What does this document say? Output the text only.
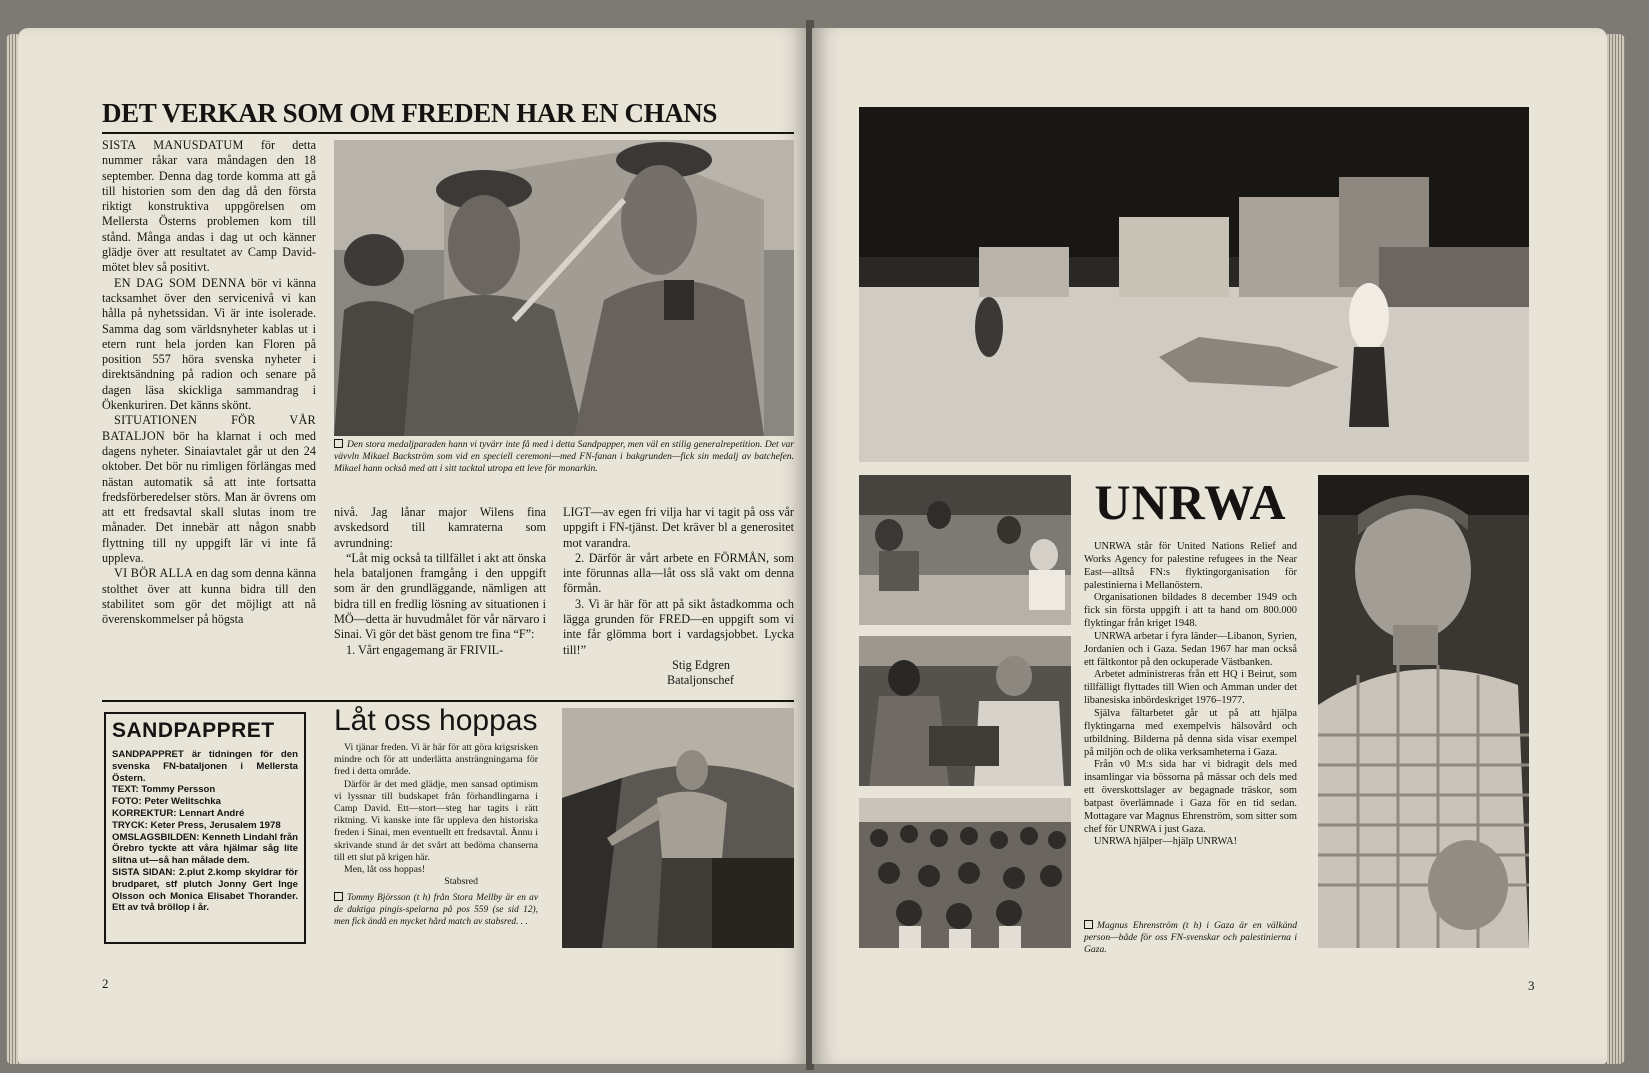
DET VERKAR SOM OM FREDEN HAR EN CHANS

SISTA MANUSDATUM för detta nummer råkar vara måndagen den 18 september. Denna dag torde komma att gå till historien som den dag då den första riktigt konstruktiva uppgörelsen om Mellersta Österns problemen kom till stånd. Många andas i dag ut och känner glädje över att resultatet av Camp David-mötet blev så positivt.

EN DAG SOM DENNA bör vi känna tacksamhet över den servicenivå vi kan hålla på nyhetssidan. Vi är inte isolerade. Samma dag som världsnyheter kablas ut i etern runt hela jorden kan Floren på position 557 höra svenska nyheter i direktsändning på radion och senare på dagen läsa skickliga sammandrag i Ökenkuriren. Det känns skönt.

SITUATIONEN FÖR VÅR BATALJON bör ha klarnat i och med dagens nyheter. Sinaiavtalet går ut den 24 oktober. Det bör nu rimligen förlängas med nästan automatik så att inte fortsatta fredsförberedelser störs. Man är övrens om att ett fredsavtal skall slutas inom tre månader. Det innebär att någon snabb flyttning till ny uppgift lär vi inte få uppleva.

VI BÖR ALLA en dag som denna känna stolthet över att kunna bidra till den stabilitet som gör det möjligt att nå överenskommelser på högsta

Den stora medaljparaden hann vi tyvärr inte få med i detta Sandpapper, men väl en stilig generalrepetition. Det var vävvln Mikael Backström som vid en speciell ceremoni—med FN-fanan i bakgrunden—fick sin medalj av batchefen. Mikael hann också med att i sitt tacktal utropa ett leve för monarkin.

nivå. Jag lånar major Wilens fina avskedsord till kamraterna som avrundning:

“Låt mig också ta tillfället i akt att önska hela bataljonen framgång i den uppgift som är den grundläggande, nämligen att bidra till en fredlig lösning av situationen i MÖ—detta är huvudmålet för vår närvaro i Sinai. Vi gör det bäst genom tre fina “F”:

1. Vårt engagemang är FRIVIL-

LIGT—av egen fri vilja har vi tagit på oss vår uppgift i FN-tjänst. Det kräver bl a generositet mot varandra.

2. Därför är vårt arbete en FÖRMÅN, som inte förunnas alla—låt oss slå vakt om denna förmån.

3. Vi är här för att på sikt åstadkomma och lägga grunden för FRED—en uppgift som vi inte får glömma bort i vardagsjobbet. Lycka till!”

Stig Edgren
Bataljonschef
SANDPAPPRET
SANDPAPPRET är tidningen för den svenska FN-bataljonen i Mellersta Östern.
TEXT: Tommy Persson
FOTO: Peter Welitschka
KORREKTUR: Lennart André
TRYCK: Keter Press, Jerusalem 1978
OMSLAGSBILDEN: Kenneth Lindahl från Örebro tyckte att våra hjälmar såg lite slitna ut—så han målade dem.
SISTA SIDAN: 2.plut 2.komp skyldrar för brudparet, stf plutch Jonny Gert Inge Olsson och Monica Elisabet Thorander. Ett av två bröllop i år.
Låt oss hoppas

Vi tjänar freden. Vi är här för att göra krigsrisken mindre och för att underlätta ansträngningarna för fred i detta område.

Därför är det med glädje, men sansad optimism vi lyssnar till budskapet från förhandlingarna i Camp David. Ett—stort—steg har tagits i rätt riktning. Vi kanske inte får uppleva den historiska freden i Sinai, men eventuellt ett fredsavtal. Ännu i skrivande stund är det svårt att bedöma chanserna till ett slut på krigen här.

Men, låt oss hoppas!

Stabsred
Tommy Björsson (t h) från Stora Mellby är en av de duktiga pingis-spelarna på pos 559 (se sid 12), men fick ändå en mycket hård match av stabsred. . .
2
UNRWA

UNRWA står för United Nations Relief and Works Agency for palestine refugees in the Near East—alltså FN:s flyktingorganisation för palestinierna i Mellanöstern.

Organisationen bildades 8 december 1949 och fick sin första uppgift i att ta hand om 800.000 flyktingar från kriget 1948.

UNRWA arbetar i fyra länder—Libanon, Syrien, Jordanien och i Gaza. Sedan 1967 har man också ett fältkontor på den ockuperade Västbanken.

Arbetet administreras från ett HQ i Beirut, som tillfälligt flyttades till Wien och Amman under det libanesiska inbördeskriget 1976–1977.

Själva fältarbetet går ut på att hjälpa flyktingarna med exempelvis hälsovård och utbildning. Bilderna på denna sida visar exempel på miljön och de olika verksamheterna i Gaza.

Från v0 M:s sida har vi bidragit dels med insamlingar via bössorna på mässar och dels med ett överskottslager av begagnade träskor, som batpast överlämnade i Gaza för en tid sedan. Mottagare var Magnus Ehrenström, som sitter som chef för UNRWA i just Gaza.

UNRWA hjälper—hjälp UNRWA!

Magnus Ehrenström (t h) i Gaza är en välkänd person—både för oss FN-svenskar och palestinierna i Gaza.
3
